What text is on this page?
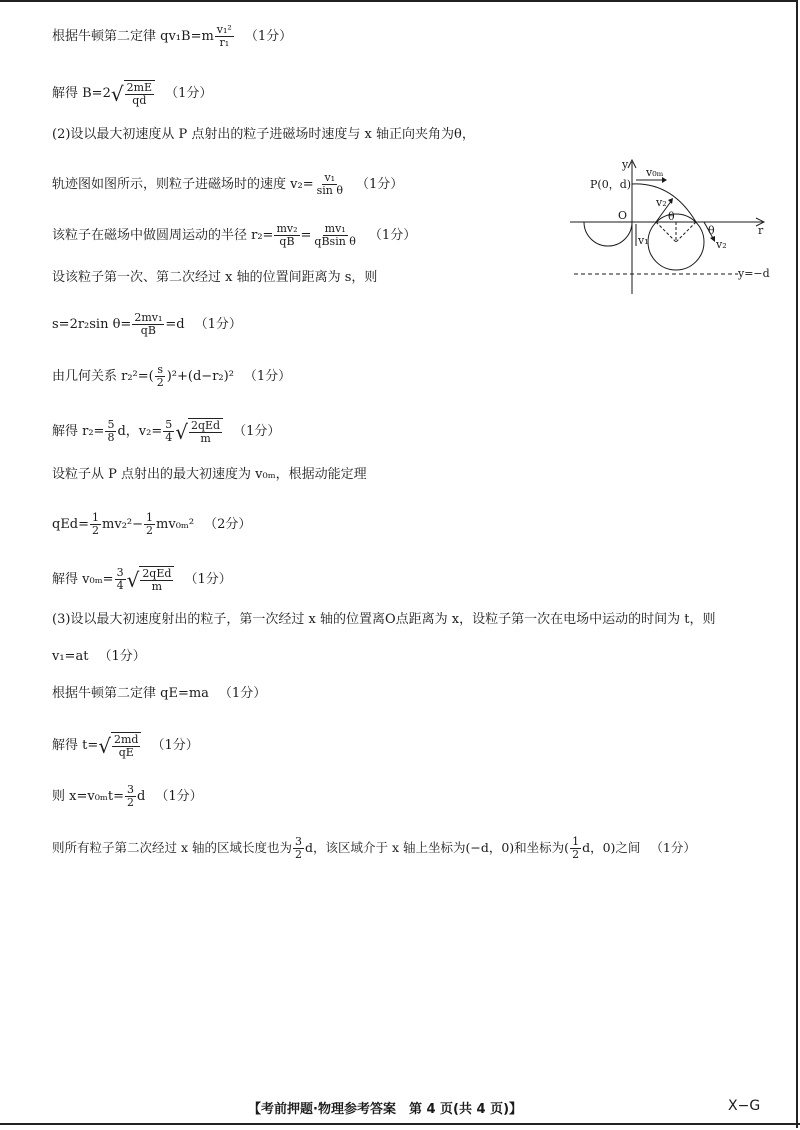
根据牛顿第二定律 $qv_1B=m \frac{\text{v₁²}}{\text{r₁}} (1$分）
解得 B=2 √ $\frac{2mE}{qd} (1$分）
(2)设以最大初速度从 P 点射出的粒子进磁场时速度与 x 轴正向夹角为θ，
轨迹图如图所示，则粒子进磁场时的速度 $v_2= \frac{\text{v₁}}{\text{sin θ}} (1$分）
该粒子在磁场中做圆周运动的半径 $r_2= \frac{\text{mv₂}}{qB} = \frac{\text{mv₁}}{\text{qBsin θ}} (1$分）
设该粒子第一次、第二次经过 x 轴的位置间距离为 s，则
s=2r₂sin $\theta= \frac{\text{2mv₁}}{qB} =d$ （1分）
由几何关系 $r_2^2=( \frac{s}{2} )^2+(d-r_2)^2$ （1分）
解得 $r_2= \frac{5}{8}$ d，$v_2= \frac{5}{4}$ √ $\frac{\text{2qEd}}{m} (1$分）
设粒子从 P 点射出的最大初速度为 v₀ₘ，根据动能定理
$qEd= \frac{1}{2} mv_2^2- \frac{1}{2} mv_{0m}^2$ （2分）
解得 $v_{0m}= \frac{3}{4}$ √ $\frac{\text{2qEd}}{m} (1$分）
(3)设以最大初速度射出的粒子，第一次经过 x 轴的位置离O点距离为 x，设粒子第一次在电场中运动的时间为 t，则
v₁=at （1分）
根据牛顿第二定律 qE=ma （1分）
解得 t= √ $\frac{2md}{qE} (1$分）
则 $x=v_{0m}t= \frac{3}{2}$ d （1分）
则所有粒子第二次经过 x 轴的区域长度也为 $\frac{3}{2}$ d，该区域介于 x 轴上坐标为(−d，0)和坐标为( $\frac{1}{2}$ d，0)之间 （1分）
y
P(0，d)
v₀ₘ
v₂
θ
O
r
v₁
θ
v₂
y=−d
【考前押题·物理参考答案　第 4 页(共 4 页)】	X−G
